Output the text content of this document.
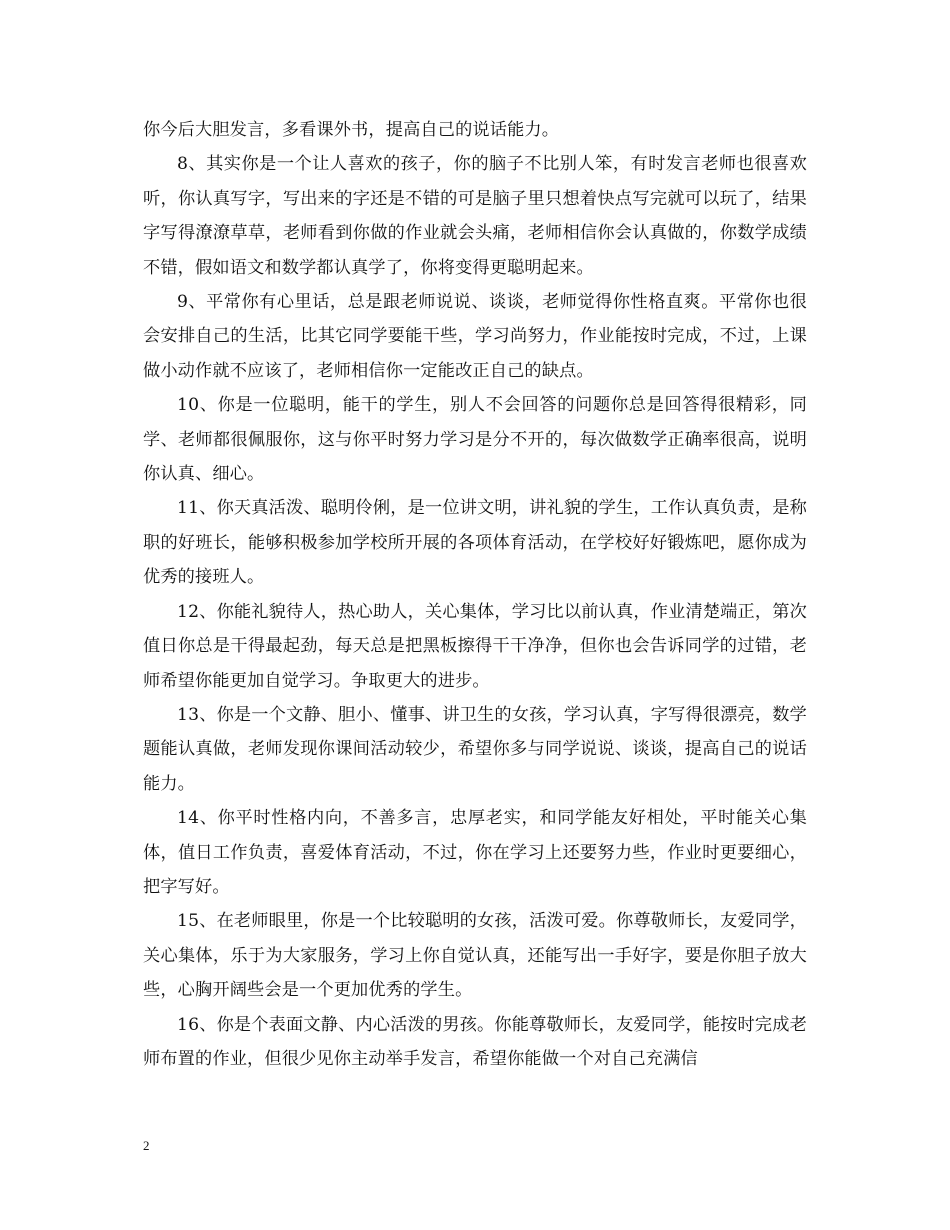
你今后大胆发言，多看课外书，提高自己的说话能力。

8、其实你是一个让人喜欢的孩子，你的脑子不比别人笨，有时发言老师也很喜欢听，你认真写字，写出来的字还是不错的可是脑子里只想着快点写完就可以玩了，结果字写得潦潦草草，老师看到你做的作业就会头痛，老师相信你会认真做的，你数学成绩不错，假如语文和数学都认真学了，你将变得更聪明起来。

9、平常你有心里话，总是跟老师说说、谈谈，老师觉得你性格直爽。平常你也很会安排自己的生活，比其它同学要能干些，学习尚努力，作业能按时完成，不过，上课做小动作就不应该了，老师相信你一定能改正自己的缺点。

10、你是一位聪明，能干的学生，别人不会回答的问题你总是回答得很精彩，同学、老师都很佩服你，这与你平时努力学习是分不开的，每次做数学正确率很高，说明你认真、细心。

11、你天真活泼、聪明伶俐，是一位讲文明，讲礼貌的学生，工作认真负责，是称职的好班长，能够积极参加学校所开展的各项体育活动，在学校好好锻炼吧，愿你成为优秀的接班人。

12、你能礼貌待人，热心助人，关心集体，学习比以前认真，作业清楚端正，第次值日你总是干得最起劲，每天总是把黑板擦得干干净净，但你也会告诉同学的过错，老师希望你能更加自觉学习。争取更大的进步。

13、你是一个文静、胆小、懂事、讲卫生的女孩，学习认真，字写得很漂亮，数学题能认真做，老师发现你课间活动较少，希望你多与同学说说、谈谈，提高自己的说话能力。

14、你平时性格内向，不善多言，忠厚老实，和同学能友好相处，平时能关心集体，值日工作负责，喜爱体育活动，不过，你在学习上还要努力些，作业时更要细心，把字写好。

15、在老师眼里，你是一个比较聪明的女孩，活泼可爱。你尊敬师长，友爱同学，关心集体，乐于为大家服务，学习上你自觉认真，还能写出一手好字，要是你胆子放大些，心胸开阔些会是一个更加优秀的学生。

16、你是个表面文静、内心活泼的男孩。你能尊敬师长，友爱同学，能按时完成老师布置的作业，但很少见你主动举手发言，希望你能做一个对自己充满信

2
